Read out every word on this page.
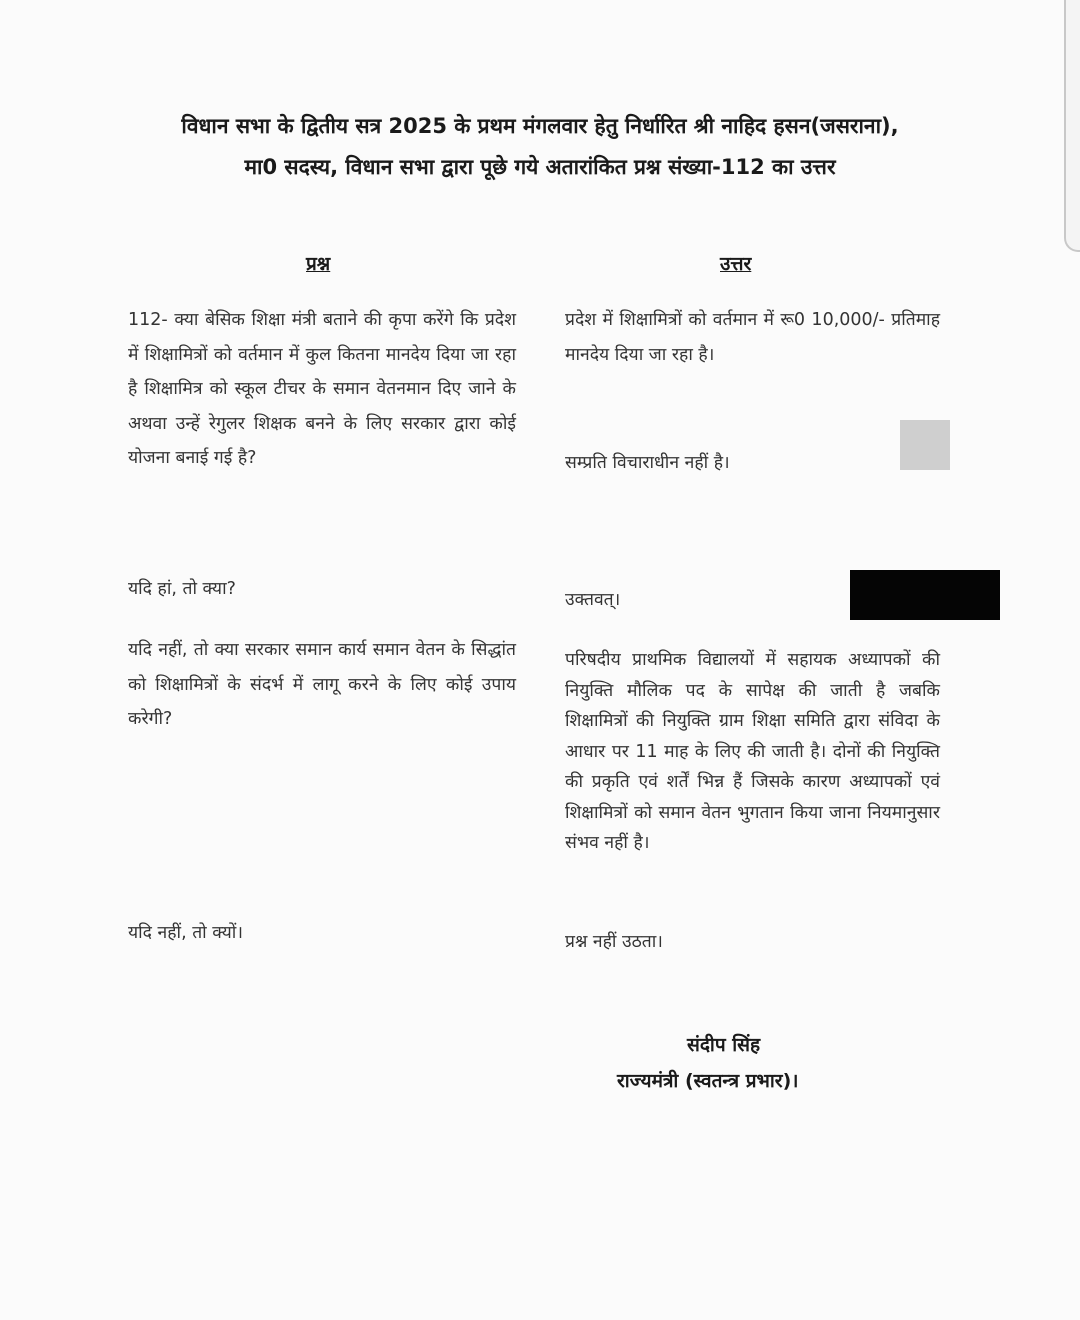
विधान सभा के द्वितीय सत्र 2025 के प्रथम मंगलवार हेतु निर्धारित श्री नाहिद हसन(जसराना),
मा0 सदस्य, विधान सभा द्वारा पूछे गये अतारांकित प्रश्न संख्या-112 का उत्तर
प्रश्न	उत्तर
112- क्या बेसिक शिक्षा मंत्री बताने की कृपा करेंगे कि प्रदेश में शिक्षामित्रों को वर्तमान में कुल कितना मानदेय दिया जा रहा है शिक्षामित्र को स्कूल टीचर के समान वेतनमान दिए जाने के अथवा उन्हें रेगुलर शिक्षक बनने के लिए सरकार द्वारा कोई योजना बनाई गई है?
यदि हां, तो क्या?
यदि नहीं, तो क्या सरकार समान कार्य समान वेतन के सिद्धांत को शिक्षामित्रों के संदर्भ में लागू करने के लिए कोई उपाय करेगी?
यदि नहीं, तो क्यों।
प्रदेश में शिक्षामित्रों को वर्तमान में रू0 10,000/- प्रतिमाह मानदेय दिया जा रहा है।
सम्प्रति विचाराधीन नहीं है।
उक्तवत्।
परिषदीय प्राथमिक विद्यालयों में सहायक अध्यापकों की नियुक्ति मौलिक पद के सापेक्ष की जाती है जबकि शिक्षामित्रों की नियुक्ति ग्राम शिक्षा समिति द्वारा संविदा के आधार पर 11 माह के लिए की जाती है। दोनों की नियुक्ति की प्रकृति एवं शर्तें भिन्न हैं जिसके कारण अध्यापकों एवं शिक्षामित्रों को समान वेतन भुगतान किया जाना नियमानुसार संभव नहीं है।
प्रश्न नहीं उठता।
संदीप सिंह
राज्यमंत्री (स्वतन्त्र प्रभार)।
